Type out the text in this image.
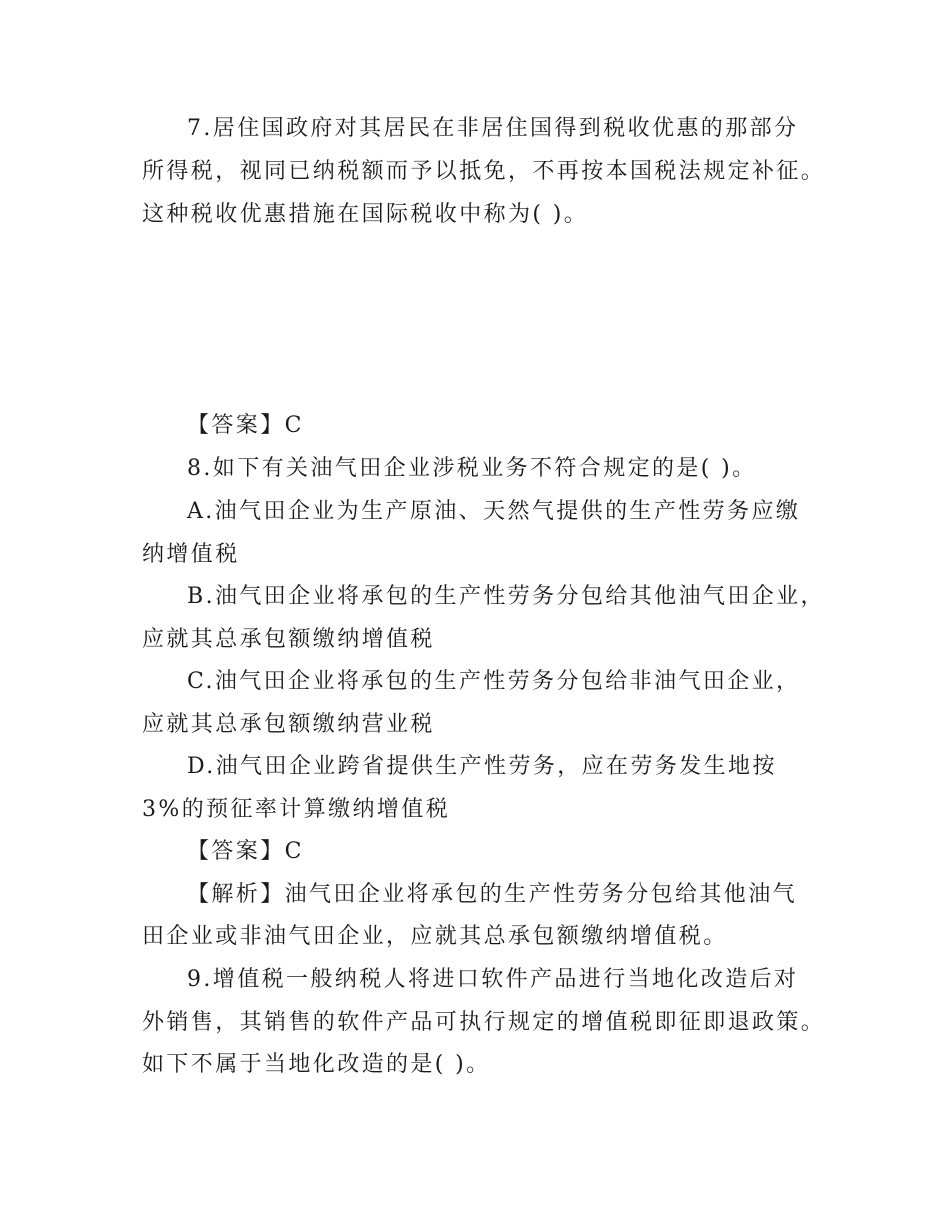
7.居住国政府对其居民在非居住国得到税收优惠的那部分
所得税，视同已纳税额而予以抵免，不再按本国税法规定补征。
这种税收优惠措施在国际税收中称为( )。
【答案】C
8.如下有关油气田企业涉税业务不符合规定的是( )。
A.油气田企业为生产原油、天然气提供的生产性劳务应缴
纳增值税
B.油气田企业将承包的生产性劳务分包给其他油气田企业，
应就其总承包额缴纳增值税
C.油气田企业将承包的生产性劳务分包给非油气田企业，
应就其总承包额缴纳营业税
D.油气田企业跨省提供生产性劳务，应在劳务发生地按
3%的预征率计算缴纳增值税
【答案】C
【解析】油气田企业将承包的生产性劳务分包给其他油气
田企业或非油气田企业，应就其总承包额缴纳增值税。
9.增值税一般纳税人将进口软件产品进行当地化改造后对
外销售，其销售的软件产品可执行规定的增值税即征即退政策。
如下不属于当地化改造的是( )。
